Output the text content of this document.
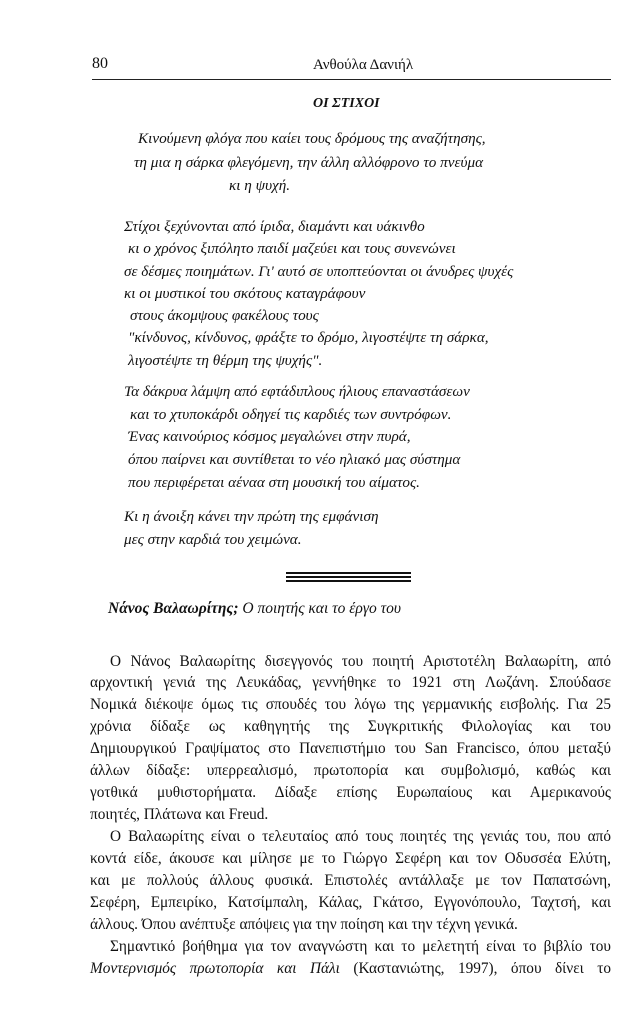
80	Ανθούλα Δανιήλ
ΟΙ ΣΤΙΧΟΙ
Κινούμενη φλόγα που καίει τους δρόμους της αναζήτησης,
τη μια η σάρκα φλεγόμενη, την άλλη αλλόφρονο το πνεύμα
κι η ψυχή.
Στίχοι ξεχύνονται από ίριδα, διαμάντι και υάκινθο
κι ο χρόνος ξιπόλητο παιδί μαζεύει και τους συνενώνει
σε δέσμες ποιημάτων. Γι' αυτό σε υποπτεύονται οι άνυδρες ψυχές
κι οι μυστικοί του σκότους καταγράφουν
στους άκομψους φακέλους τους
"κίνδυνος, κίνδυνος, φράξτε το δρόμο, λιγοστέψτε τη σάρκα,
λιγοστέψτε τη θέρμη της ψυχής".
Τα δάκρυα λάμψη από εφτάδιπλους ήλιους επαναστάσεων
και το χτυποκάρδι οδηγεί τις καρδιές των συντρόφων.
Ένας καινούριος κόσμος μεγαλώνει στην πυρά,
όπου παίρνει και συντίθεται το νέο ηλιακό μας σύστημα
που περιφέρεται αέναα στη μουσική του αίματος.
Κι η άνοιξη κάνει την πρώτη της εμφάνιση
μες στην καρδιά του χειμώνα.
Νάνος Βαλαωρίτης; Ο ποιητής και το έργο του
Ο Νάνος Βαλαωρίτης δισεγγονός του ποιητή Αριστοτέλη Βαλαωρίτη, από
αρχοντική γενιά της Λευκάδας, γεννήθηκε το 1921 στη Λωζάνη. Σπούδασε
Νομικά διέκοψε όμως τις σπουδές του λόγω της γερμανικής εισβολής. Για 25
χρόνια δίδαξε ως καθηγητής της Συγκριτικής Φιλολογίας και του
Δημιουργικού Γραψίματος στο Πανεπιστήμιο του San Francisco, όπου μεταξύ
άλλων δίδαξε: υπερρεαλισμό, πρωτοπορία και συμβολισμό, καθώς και
γοτθικά μυθιστορήματα. Δίδαξε επίσης Ευρωπαίους και Αμερικανούς
ποιητές, Πλάτωνα και Freud.
Ο Βαλαωρίτης είναι ο τελευταίος από τους ποιητές της γενιάς του, που από
κοντά είδε, άκουσε και μίλησε με το Γιώργο Σεφέρη και τον Οδυσσέα Ελύτη,
και με πολλούς άλλους φυσικά. Επιστολές αντάλλαξε με τον Παπατσώνη,
Σεφέρη, Εμπειρίκο, Κατσίμπαλη, Κάλας, Γκάτσο, Εγγονόπουλο, Ταχτσή, και
άλλους. Όπου ανέπτυξε απόψεις για την ποίηση και την τέχνη γενικά.
Σημαντικό βοήθημα για τον αναγνώστη και το μελετητή είναι το βιβλίο του
Μοντερνισμός πρωτοπορία και Πάλι (Καστανιώτης, 1997), όπου δίνει το
